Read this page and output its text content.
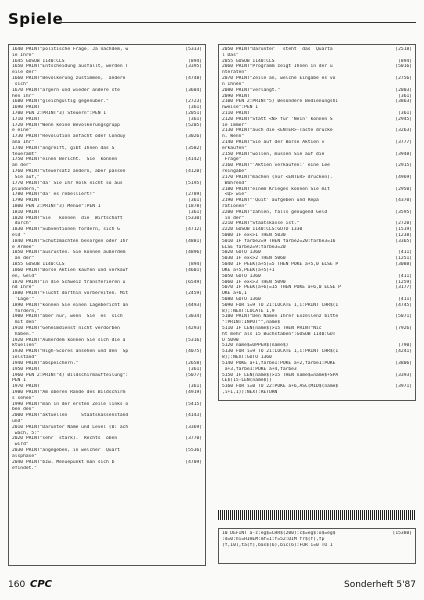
Spiele
[5333]
1640 PRINT"politische Frage. Ja nachdem, w
ie Ihre"
[894]
1645 GOSUB 1140:CLS
[3395]
1650 PRINT"Entscheidung ausfällt, werden T
eile der"
[4748]
1660 PRINT"Bevölkerung zustimmen,  andere
sich"
[3684]
1670 PRINT"ärgern und wieder andere ste
hen ihr"
[2723]
1680 PRINT"gleichgültig gegenüber."
[361]
1690 PRINT
[2051]
1700 PEN 2:PRINT"3) Steuern":PEN 1
[361]
1710 PRINT
[5205]
1720 PRINT"Wenn keine Bevölkerungsgrupp
e eine"
[3026]
1730 PRINT"Revolution anfacht oder Conduy
ana Ihr"
[3582]
1740 PRINT"angreift, gibt Ihnen das S
teueramt"
[4142]
1750 PRINT"einen Bericht.  Sie  können
an der"
[4120]
1760 PRINT"Steuersatz ändern, aber passen
Sie auf,"
[5195]
1770 PRINT"da' Sie Ihr Volk nicht so aus
plündern,"
[2789]
1780 PRINT"da' es rebelliert!"
[361]
1790 PRINT
[1878]
1800 PEN 2:PRINT"3) Menue":PEN 1
[361]
1810 PRINT
[5330]
1820 PRINT"Sie   können  die  Wirtschaft
durch"
[4712]
1830 PRINT"Subventionen fördern, sich G
eld "
[4881]
1840 PRINT"Schutzmächten besorgen oder Ihr
e Armee"
[4896]
1850 PRINT"ausrüsten. Sie können außerdem
an der"
[894]
1855 GOSUB 1140:CLS
[4601]
1860 PRINT"Börse Aktien kaufen und verkauf
en, Geld"
[6549]
1870 PRINT"in die Schweiz transferieren u
nd Ihre"
[2459]
1880 PRINT"Flucht dorthin vorbereiten. Mit
'Lage'"
[4493]
1890 PRINT"können Sie einen Lagebericht an
fordern,"
[3034]
1900 PRINT"aber nur, wenn  Sie  es  sich
mit den"
[4293]
1910 PRINT"Geheimdienst nicht verdorben
haben."
[5316]
1920 PRINT"Außerdem können Sie sich die a
ktuellen"
[4075]
1930 PRINT"High-Scores ansehen und den  Sp
ielstand"
[2658]
1940 PRINT"abspeichern."
[361]
1950 PRINT
[5077]
1960 PEN 2:PRINT"4) Bildschirmaufteilung":
PEN 1
[361]
1970 PRINT
[4919]
1980 PRINT"Am oberen Rande des Bildschirm
s sehen"
[5415]
1990 PRINT"man in der ersten Zeile links o
ben den"
[4143]
2000 PRINT"aktuellen     Staatskassenstand
und"
[3369]
2010 PRINT"Darunter Name und Level (0: ach
wach, 5:"
[3770]
2020 PRINT"sehr  stark).  Rechts  oben
wird"
[5536]
2030 PRINT"angegeben, in welcher  Quart
alsphase"
[4709]
2040 PRINT"bzw. Menuepunkt man sich b
efindet."
[2518]
2050 PRINT"Darunter   steht  das  Quarta
l Das"
[894]
2055 GOSUB 1140:CLS
[5016]
2060 PRINT"Programm zeigt Ihnen in der u
nteraten"
[2756]
2070 PRINT"Zeile an, welche Eingabe es vo
n Ihnen"
[2003]
2080 PRINT"verlangt."
[361]
2090 PRINT
[3863]
2100 PEN 2:PRINT"5) Besondere Bedienungshi
nweise":PEN 1
[361]
2110 PRINT
[2945]
2120 PRINT"Statt <N> für 'Nein' können S
ie immer"
[3263]
2130 PRINT"auch die <ENTER>-Taste drücke
n. Wenn"
[3777]
2140 PRINT"Sie auf der Börse Aktien v
erkaufen"
[3948]
2150 PRINT"wollen, müssen Sie auf die
Frage"
[2915]
2160 PRINT"'Aktien verkaufen:' eine Lee
reingabe"
[4969]
2170 PRINT"machen (nur <ENTER> drücken).
Während"
[2950]
2180 PRINT"einem Krieges können Sie mit
<Q> wie"
[4370]
2190 PRINT"'Quit' aufgeben und Repa
rationen"
[3595]
2200 PRINT"zahlen, falls genügend Geld
in der"
[2720]
2210 PRINT"Staatskasse ist."
[1519]
2220 GOSUB 1140:CLS:GOTO 1330
[1238]
5000 IF ex<>1 THEN 5030
[3365]
5010 IF farbe2=9 THEN farbe2=20:farbe3=16
ELSE farbe2=9:farbe3=20
[411]
5020 GOTO 1360
[1251]
5030 IF ex<>2 THEN 5060
[3088]
5040 IF PEEK(a+5)=5 THEN POKE a+5,0 ELSE P
OKE a+5,PEEK(a+5)+1
[411]
5050 GOTO 1360
[1259]
5060 IF ex<>3 THEN 5090
[3177]
5070 IF PEEK(a+6)=15 THEN POKE a+6,0 ELSE P
OKE a+6,1
[411]
5080 GOTO 1360
[4745]
5090 FOR i=9 TO 21:LOCATE 1,i:PRINT CHR$(1
8);:NEXT:LOCATE 1,9
[5071]
5100 PRINT"Den Namen Ihrer Exzellenz bitte
":PRINT:INPUT"",name$
[7926]
5110 IF LEN(name$)>15 THEN PRINT"Nic
ht mehr als 15 Buchstaben":GOSUB 1140:GOT
O 5090
[790]
5120 name$=UPPER$(name$)
[4241]
5130 FOR i=9 TO 21:LOCATE 1,i:PRINT CHR$(1
8);:NEXT:GOTO 1360
[3806]
5140 POKE a+1,farbe1:POKE a+2,farbe1:POKE
a+3,farbe1:POKE a+4,farbe3
[3393]
5150 IF LEN(name$)>15 THEN name$=name$+SPA
CE$(15-LEN(name$))
[3971]
5160 FOR i=0 TO 22:POKE a+6,ASC(MID$(name$
,i+1,1)):NEXT:RETURN
[15380]
10 DEFINT a-z:eg$=CHR$(200):c$=eg$:o$=eg$
:d=0:hi=HIHEM:mf=1:f=52:DIM fr$(f),fp
(f,10),ta(f),bas$(6),bic(6):FOR i=0 TO 1
160 CPC	Sonderheft 5'87
